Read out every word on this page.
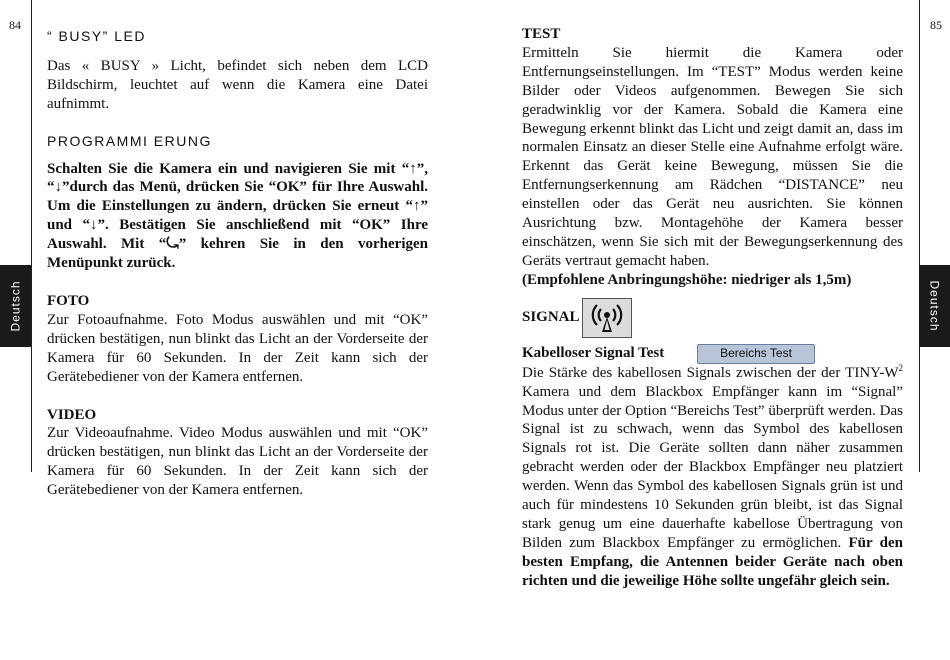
84	85
Deutsch	Deutsch
“ BUSY” LED

Das « BUSY » Licht, befindet sich neben dem LCD Bildschirm, leuchtet auf wenn die Kamera eine Datei aufnimmt.

PROGRAMMI ERUNG

Schalten Sie die Kamera ein und navigieren Sie mit “↑”, “↓”durch das Menü, drücken Sie “OK” für Ihre Auswahl. Um die Einstellungen zu ändern, drücken Sie erneut “↑” und “↓”. Bestätigen Sie anschließend mit “OK” Ihre Auswahl. Mit “⤿” kehren Sie in den vorherigen Menüpunkt zurück.

FOTO

Zur Fotoaufnahme. Foto Modus auswählen und mit “OK” drücken bestätigen, nun blinkt das Licht an der Vorderseite der Kamera für 60 Sekunden. In der Zeit kann sich der Gerätebediener von der Kamera entfernen.

VIDEO

Zur Videoaufnahme. Video Modus auswählen und mit “OK” drücken bestätigen, nun blinkt das Licht an der Vorderseite der Kamera für 60 Sekunden. In der Zeit kann sich der Gerätebediener von der Kamera entfernen.

TEST

Ermitteln Sie hiermit die Kamera oder Entfernungseinstellungen. Im “TEST” Modus werden keine Bilder oder Videos aufgenommen. Bewegen Sie sich geradwinklig vor der Kamera. Sobald die Kamera eine Bewegung erkennt blinkt das Licht und zeigt damit an, dass im normalen Einsatz an dieser Stelle eine Aufnahme erfolgt wäre. Erkennt das Gerät keine Bewegung, müssen Sie die Entfernungserkennung am Rädchen “DISTANCE” neu einstellen oder das Gerät neu ausrichten. Sie können Ausrichtung bzw. Montagehöhe der Kamera besser einschätzen, wenn Sie sich mit der Bewegungserkennung des Geräts vertraut gemacht haben.

(Empfohlene Anbringungshöhe: niedriger als 1,5m)

SIGNAL
Kabelloser Signal Test	Bereichs Test

Die Stärke des kabellosen Signals zwischen der der TINY-$W^2$ Kamera und dem Blackbox Empfänger kann im “Signal” Modus unter der Option “Bereichs Test” überprüft werden. Das Signal ist zu schwach, wenn das Symbol des kabellosen Signals rot ist. Die Geräte sollten dann näher zusammen gebracht werden oder der Blackbox Empfänger neu platziert werden. Wenn das Symbol des kabellosen Signals grün ist und auch für mindestens 10 Sekunden grün bleibt, ist das Signal stark genug um eine dauerhafte kabellose Übertragung von Bilden zum Blackbox Empfänger zu ermöglichen. Für den besten Empfang, die Antennen beider Geräte nach oben richten und die jeweilige Höhe sollte ungefähr gleich sein.
